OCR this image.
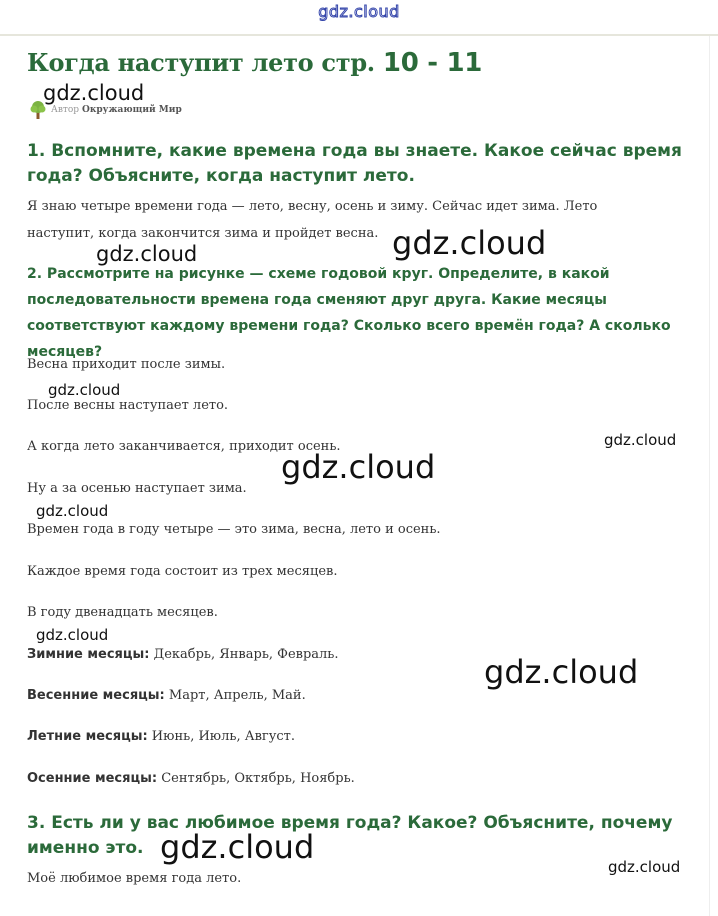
gdz.cloud
Когда наступит лето стр. 10 - 11
Автор Окружающий Мир
1. Вспомните, какие времена года вы знаете. Какое сейчас время года? Объясните, когда наступит лето.

Я знаю четыре времени года — лето, весну, осень и зиму. Сейчас идет зима. Лето наступит, когда закончится зима и пройдет весна.

2. Рассмотрите на рисунке — схеме годовой круг. Определите, в какой последовательности времена года сменяют друг друга. Какие месяцы соответствуют каждому времени года? Сколько всего времён года? А сколько месяцев?

Весна приходит после зимы.

После весны наступает лето.

А когда лето заканчивается, приходит осень.

Ну а за осенью наступает зима.

Времен года в году четыре — это зима, весна, лето и осень.

Каждое время года состоит из трех месяцев.

В году двенадцать месяцев.

Зимние месяцы: Декабрь, Январь, Февраль.

Весенние месяцы: Март, Апрель, Май.

Летние месяцы: Июнь, Июль, Август.

Осенние месяцы: Сентябрь, Октябрь, Ноябрь.

3. Есть ли у вас любимое время года? Какое? Объясните, почему именно это.

Моё любимое время года лето.

gdz.cloud
gdz.cloud	gdz.cloud
gdz.cloud
gdz.cloud
gdz.cloud
gdz.cloud
gdz.cloud
gdz.cloud
gdz.cloud
gdz.cloud
